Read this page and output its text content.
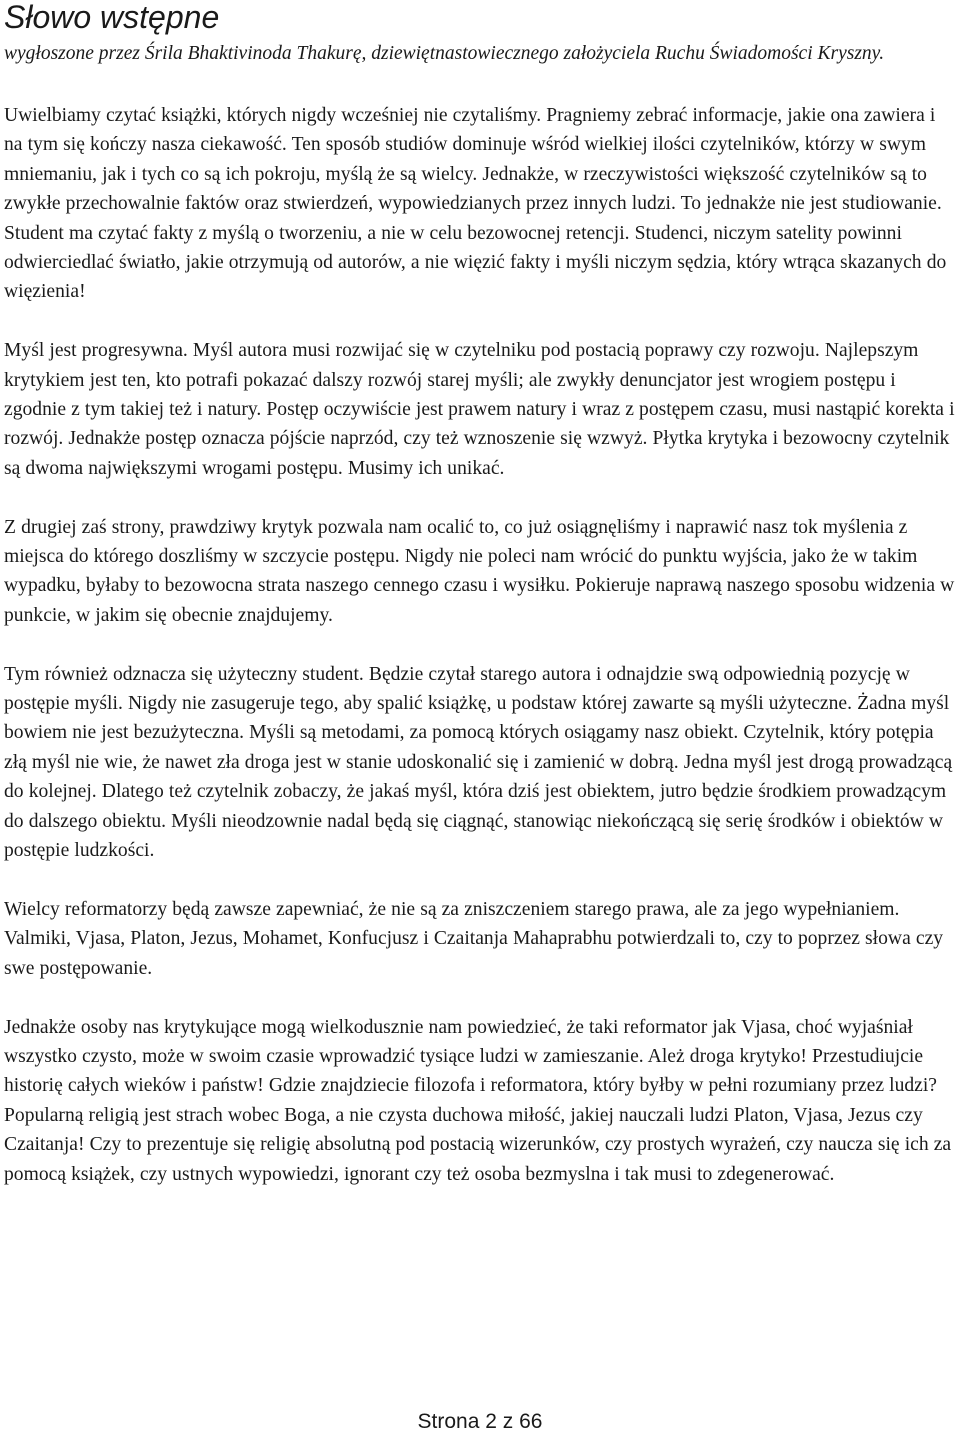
Słowo wstępne
wygłoszone przez Śrila Bhaktivinoda Thakurę, dziewiętnastowiecznego założyciela Ruchu Świadomości Kryszny.

Uwielbiamy czytać książki, których nigdy wcześniej nie czytaliśmy. Pragniemy zebrać informacje, jakie ona zawiera i na tym się kończy nasza ciekawość. Ten sposób studiów dominuje wśród wielkiej ilości czytelników, którzy w swym mniemaniu, jak i tych co są ich pokroju, myślą że są wielcy. Jednakże, w rzeczywistości większość czytelników są to zwykłe przechowalnie faktów oraz stwierdzeń, wypowiedzianych przez innych ludzi. To jednakże nie jest studiowanie. Student ma czytać fakty z myślą o tworzeniu, a nie w celu bezowocnej retencji. Studenci, niczym satelity powinni odwierciedlać światło, jakie otrzymują od autorów, a nie więzić fakty i myśli niczym sędzia, który wtrąca skazanych do więzienia!

Myśl jest progresywna. Myśl autora musi rozwijać się w czytelniku pod postacią poprawy czy rozwoju. Najlepszym krytykiem jest ten, kto potrafi pokazać dalszy rozwój starej myśli; ale zwykły denuncjator jest wrogiem postępu i zgodnie z tym takiej też i natury. Postęp oczywiście jest prawem natury i wraz z postępem czasu, musi nastąpić korekta i rozwój. Jednakże postęp oznacza pójście naprzód, czy też wznoszenie się wzwyż. Płytka krytyka i bezowocny czytelnik są dwoma największymi wrogami postępu. Musimy ich unikać.

Z drugiej zaś strony, prawdziwy krytyk pozwala nam ocalić to, co już osiągnęliśmy i naprawić nasz tok myślenia z miejsca do którego doszliśmy w szczycie postępu. Nigdy nie poleci nam wrócić do punktu wyjścia, jako że w takim wypadku, byłaby to bezowocna strata naszego cennego czasu i wysiłku. Pokieruje naprawą naszego sposobu widzenia w punkcie, w jakim się obecnie znajdujemy.

Tym również odznacza się użyteczny student. Będzie czytał starego autora i odnajdzie swą odpowiednią pozycję w postępie myśli. Nigdy nie zasugeruje tego, aby spalić książkę, u podstaw której zawarte są myśli użyteczne. Żadna myśl bowiem nie jest bezużyteczna. Myśli są metodami, za pomocą których osiągamy nasz obiekt. Czytelnik, który potępia złą myśl nie wie, że nawet zła droga jest w stanie udoskonalić się i zamienić w dobrą. Jedna myśl jest drogą prowadzącą do kolejnej. Dlatego też czytelnik zobaczy, że jakaś myśl, która dziś jest obiektem, jutro będzie środkiem prowadzącym do dalszego obiektu. Myśli nieodzownie nadal będą się ciągnąć, stanowiąc niekończącą się serię środków i obiektów w postępie ludzkości.

Wielcy reformatorzy będą zawsze zapewniać, że nie są za zniszczeniem starego prawa, ale za jego wypełnianiem. Valmiki, Vjasa, Platon, Jezus, Mohamet, Konfucjusz i Czaitanja Mahaprabhu potwierdzali to, czy to poprzez słowa czy swe postępowanie.

Jednakże osoby nas krytykujące mogą wielkodusznie nam powiedzieć, że taki reformator jak Vjasa, choć wyjaśniał wszystko czysto, może w swoim czasie wprowadzić tysiące ludzi w zamieszanie. Ależ droga krytyko! Przestudiujcie historię całych wieków i państw! Gdzie znajdziecie filozofa i reformatora, który byłby w pełni rozumiany przez ludzi? Popularną religią jest strach wobec Boga, a nie czysta duchowa miłość, jakiej nauczali ludzi Platon, Vjasa, Jezus czy Czaitanja! Czy to prezentuje się religię absolutną pod postacią wizerunków, czy prostych wyrażeń, czy naucza się ich za pomocą książek, czy ustnych wypowiedzi, ignorant czy też osoba bezmyslna i tak musi to zdegenerować.

Strona 2 z 66
